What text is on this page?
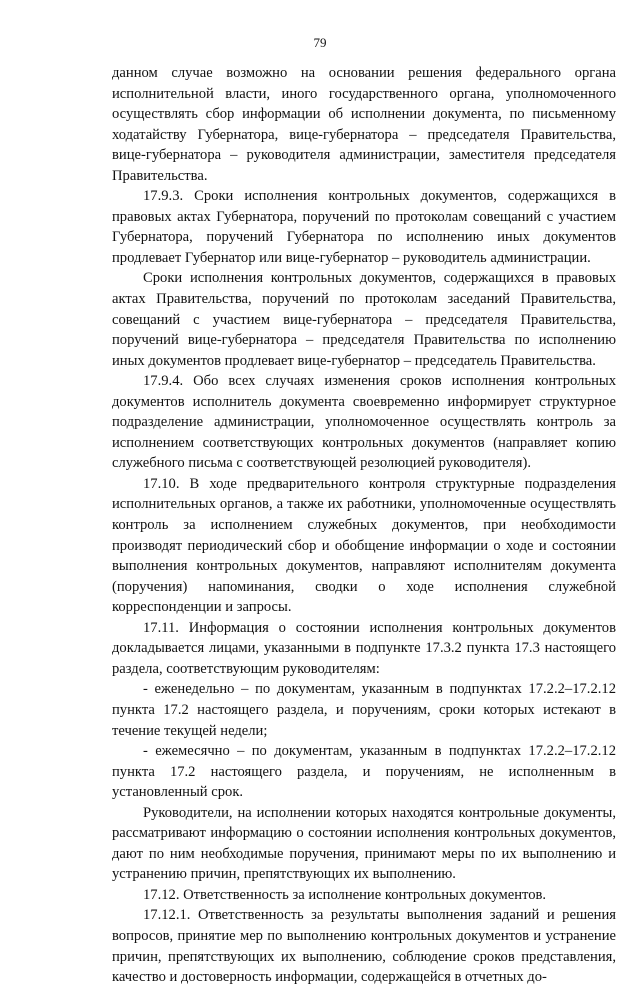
79

данном случае возможно на основании решения федерального органа исполнительной власти, иного государственного органа, уполномоченного осуществлять сбор информации об исполнении документа, по письменному ходатайству Губернатора, вице-губернатора – председателя Правительства, вице-губернатора – руководителя администрации, заместителя председателя Правительства.

17.9.3. Сроки исполнения контрольных документов, содержащихся в правовых актах Губернатора, поручений по протоколам совещаний с участием Губернатора, поручений Губернатора по исполнению иных документов продлевает Губернатор или вице-губернатор – руководитель администрации.

Сроки исполнения контрольных документов, содержащихся в правовых актах Правительства, поручений по протоколам заседаний Правительства, совещаний с участием вице-губернатора – председателя Правительства, поручений вице-губернатора – председателя Правительства по исполнению иных документов продлевает вице-губернатор – председатель Правительства.

17.9.4. Обо всех случаях изменения сроков исполнения контрольных документов исполнитель документа своевременно информирует структурное подразделение администрации, уполномоченное осуществлять контроль за исполнением соответствующих контрольных документов (направляет копию служебного письма с соответствующей резолюцией руководителя).

17.10. В ходе предварительного контроля структурные подразделения исполнительных органов, а также их работники, уполномоченные осуществлять контроль за исполнением служебных документов, при необходимости производят периодический сбор и обобщение информации о ходе и состоянии выполнения контрольных документов, направляют исполнителям документа (поручения) напоминания, сводки о ходе исполнения служебной корреспонденции и запросы.

17.11. Информация о состоянии исполнения контрольных документов докладывается лицами, указанными в подпункте 17.3.2 пункта 17.3 настоящего раздела, соответствующим руководителям:

- еженедельно – по документам, указанным в подпунктах 17.2.2–17.2.12 пункта 17.2 настоящего раздела, и поручениям, сроки которых истекают в течение текущей недели;

- ежемесячно – по документам, указанным в подпунктах 17.2.2–17.2.12 пункта 17.2 настоящего раздела, и поручениям, не исполненным в установленный срок.

Руководители, на исполнении которых находятся контрольные документы, рассматривают информацию о состоянии исполнения контрольных документов, дают по ним необходимые поручения, принимают меры по их выполнению и устранению причин, препятствующих их выполнению.

17.12. Ответственность за исполнение контрольных документов.

17.12.1. Ответственность за результаты выполнения заданий и решения вопросов, принятие мер по выполнению контрольных документов и устранение причин, препятствующих их выполнению, соблюдение сроков представления, качество и достоверность информации, содержащейся в отчетных до-
